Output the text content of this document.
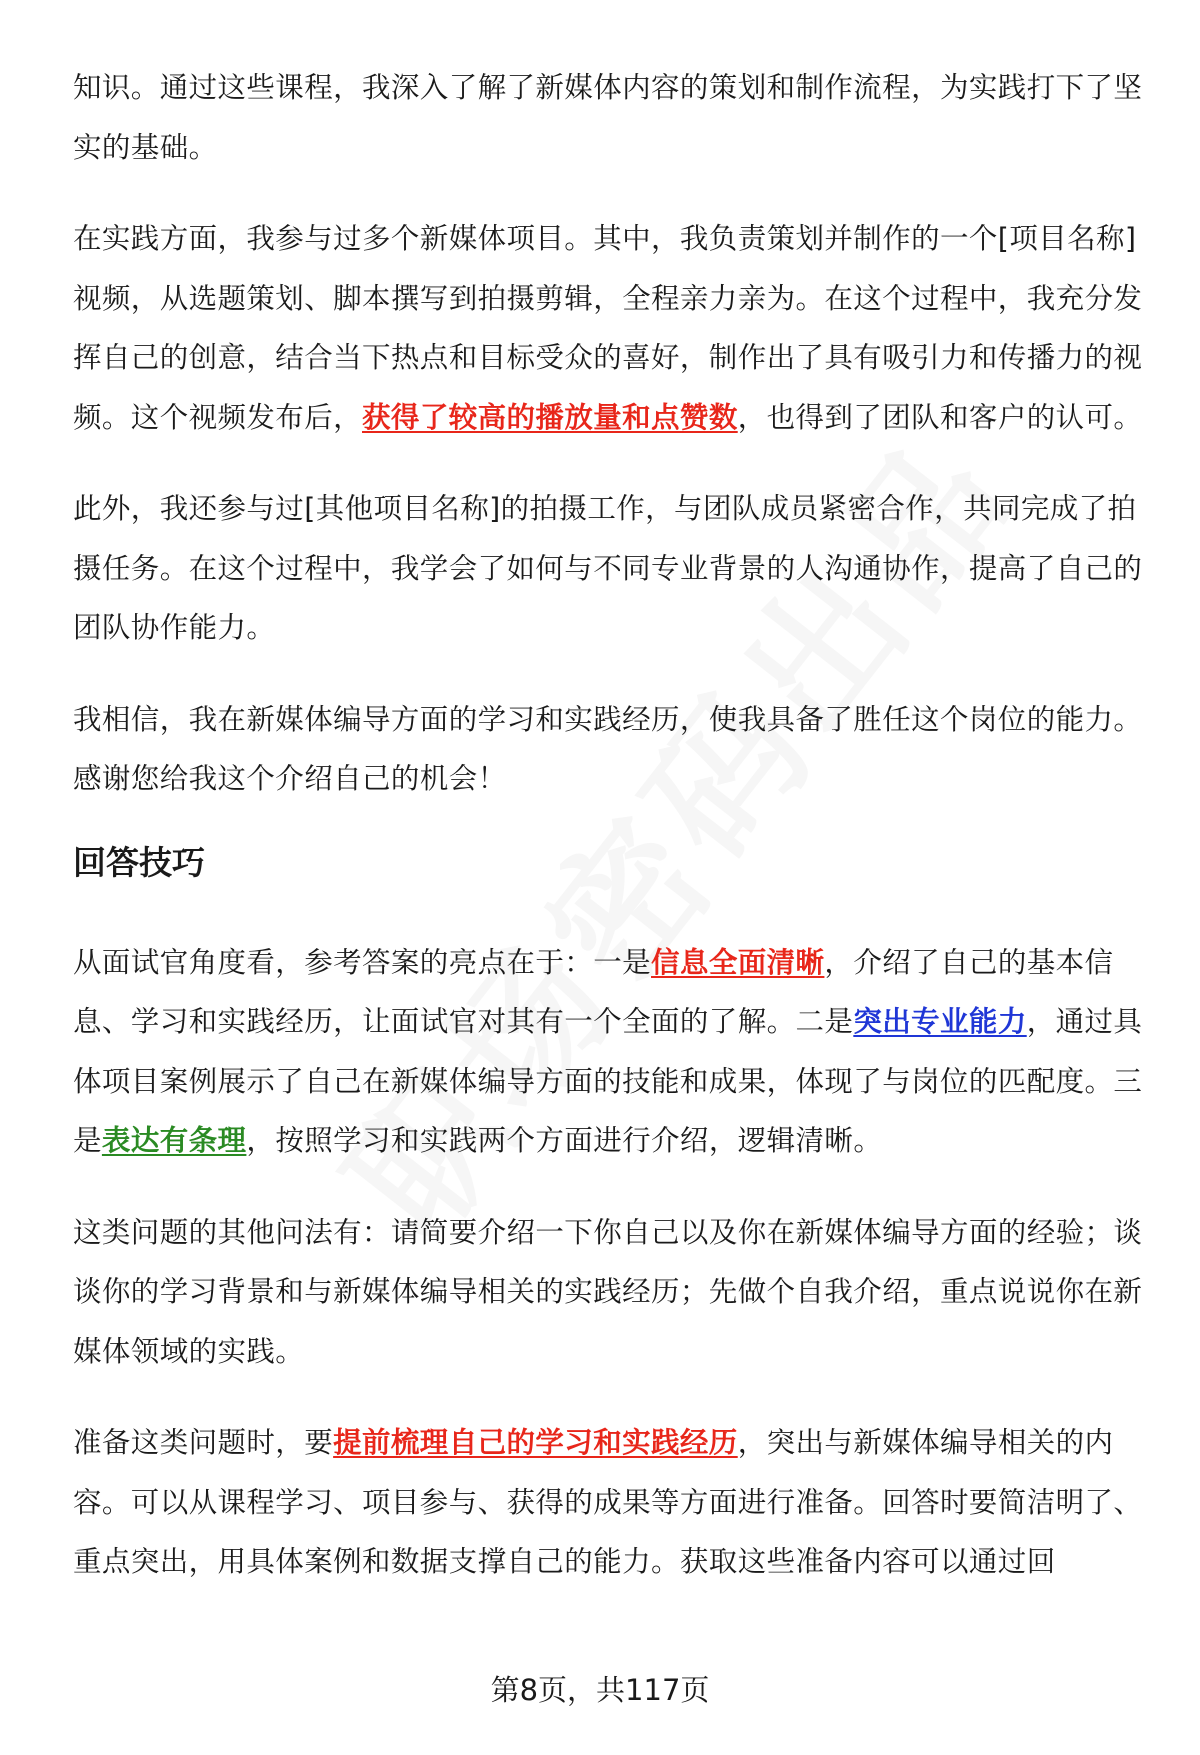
知识。通过这些课程，我深入了解了新媒体内容的策划和制作流程，为实践打下了坚实的基础。

在实践方面，我参与过多个新媒体项目。其中，我负责策划并制作的一个[项目名称]视频，从选题策划、脚本撰写到拍摄剪辑，全程亲力亲为。在这个过程中，我充分发挥自己的创意，结合当下热点和目标受众的喜好，制作出了具有吸引力和传播力的视频。这个视频发布后，获得了较高的播放量和点赞数，也得到了团队和客户的认可。

此外，我还参与过[其他项目名称]的拍摄工作，与团队成员紧密合作，共同完成了拍摄任务。在这个过程中，我学会了如何与不同专业背景的人沟通协作，提高了自己的团队协作能力。

我相信，我在新媒体编导方面的学习和实践经历，使我具备了胜任这个岗位的能力。感谢您给我这个介绍自己的机会！

回答技巧

从面试官角度看，参考答案的亮点在于：一是信息全面清晰，介绍了自己的基本信息、学习和实践经历，让面试官对其有一个全面的了解。二是突出专业能力，通过具体项目案例展示了自己在新媒体编导方面的技能和成果，体现了与岗位的匹配度。三是表达有条理，按照学习和实践两个方面进行介绍，逻辑清晰。

这类问题的其他问法有：请简要介绍一下你自己以及你在新媒体编导方面的经验；谈谈你的学习背景和与新媒体编导相关的实践经历；先做个自我介绍，重点说说你在新媒体领域的实践。

准备这类问题时，要提前梳理自己的学习和实践经历，突出与新媒体编导相关的内容。可以从课程学习、项目参与、获得的成果等方面进行准备。回答时要简洁明了、重点突出，用具体案例和数据支撑自己的能力。获取这些准备内容可以通过回

第8页，共117页
